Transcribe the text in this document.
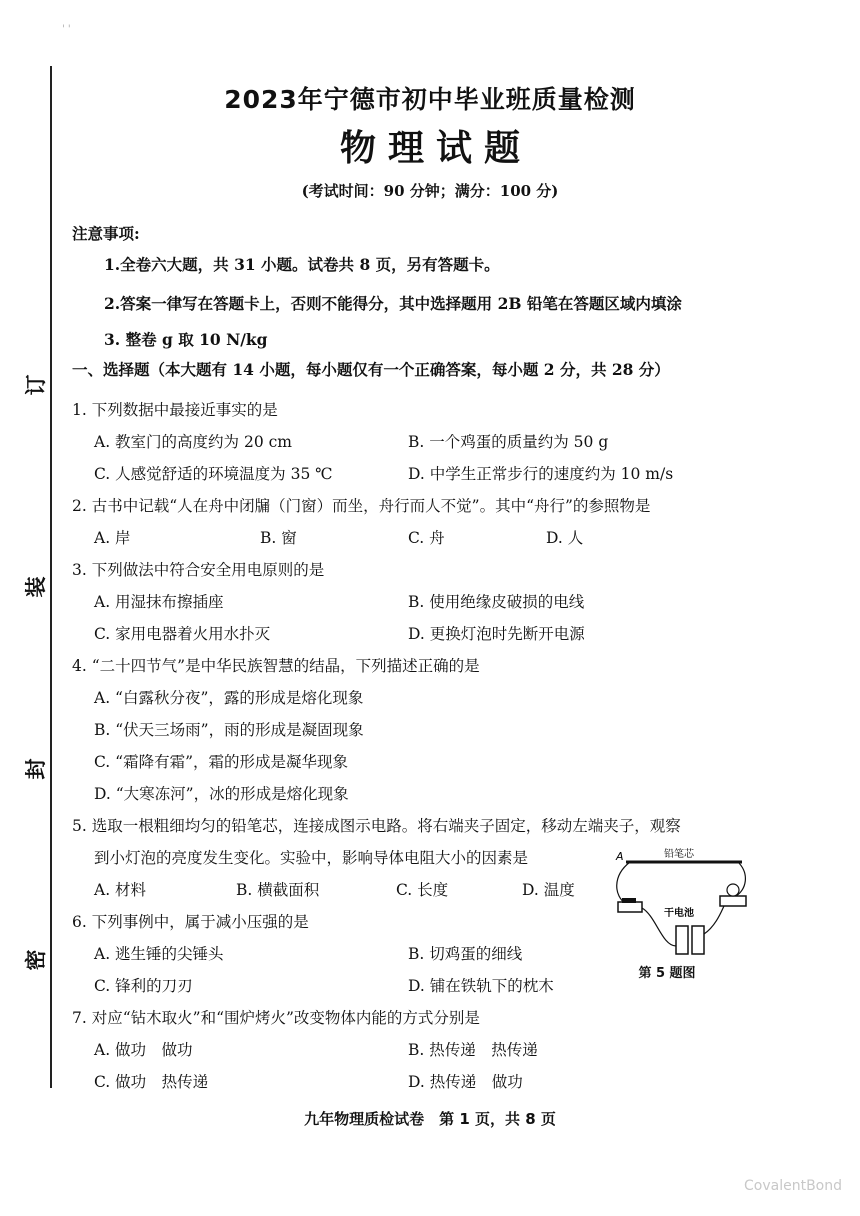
' '
订
装
封
密
2023年宁德市初中毕业班质量检测
物理试题
(考试时间：90 分钟；满分：100 分)
注意事项:
1.全卷六大题，共 31 小题。试卷共 8 页，另有答题卡。
2.答案一律写在答题卡上，否则不能得分，其中选择题用 2B 铅笔在答题区域内填涂
3. 整卷 g 取 10 N/kg
一、选择题（本大题有 14 小题，每小题仅有一个正确答案，每小题 2 分，共 28 分）
1. 下列数据中最接近事实的是
A. 教室门的高度约为 20 cm	B. 一个鸡蛋的质量约为 50 g
C. 人感觉舒适的环境温度为 35 ℃	D. 中学生正常步行的速度约为 10 m/s
2. 古书中记载“人在舟中闭牖（门窗）而坐，舟行而人不觉”。其中“舟行”的参照物是
A. 岸	B. 窗	C. 舟	D. 人
3. 下列做法中符合安全用电原则的是
A. 用湿抹布擦插座	B. 使用绝缘皮破损的电线
C. 家用电器着火用水扑灭	D. 更换灯泡时先断开电源
4. “二十四节气”是中华民族智慧的结晶，下列描述正确的是
A. “白露秋分夜”，露的形成是熔化现象
B. “伏天三场雨”，雨的形成是凝固现象
C. “霜降有霜”，霜的形成是凝华现象
D. “大寒冻河”，冰的形成是熔化现象
5. 选取一根粗细均匀的铅笔芯，连接成图示电路。将右端夹子固定，移动左端夹子，观察
到小灯泡的亮度发生变化。实验中，影响导体电阻大小的因素是
A. 材料	B. 横截面积	C. 长度	D. 温度
6. 下列事例中，属于减小压强的是
A. 逃生锤的尖锤头	B. 切鸡蛋的细线
C. 锋利的刀刃	D. 铺在铁轨下的枕木
7. 对应“钻木取火”和“围炉烤火”改变物体内能的方式分别是
A. 做功　做功	B. 热传递　热传递
C. 做功　热传递	D. 热传递　做功
A	铅笔芯
干电池
第 5 题图
九年物理质检试卷　第 1 页，共 8 页
CovalentBond
